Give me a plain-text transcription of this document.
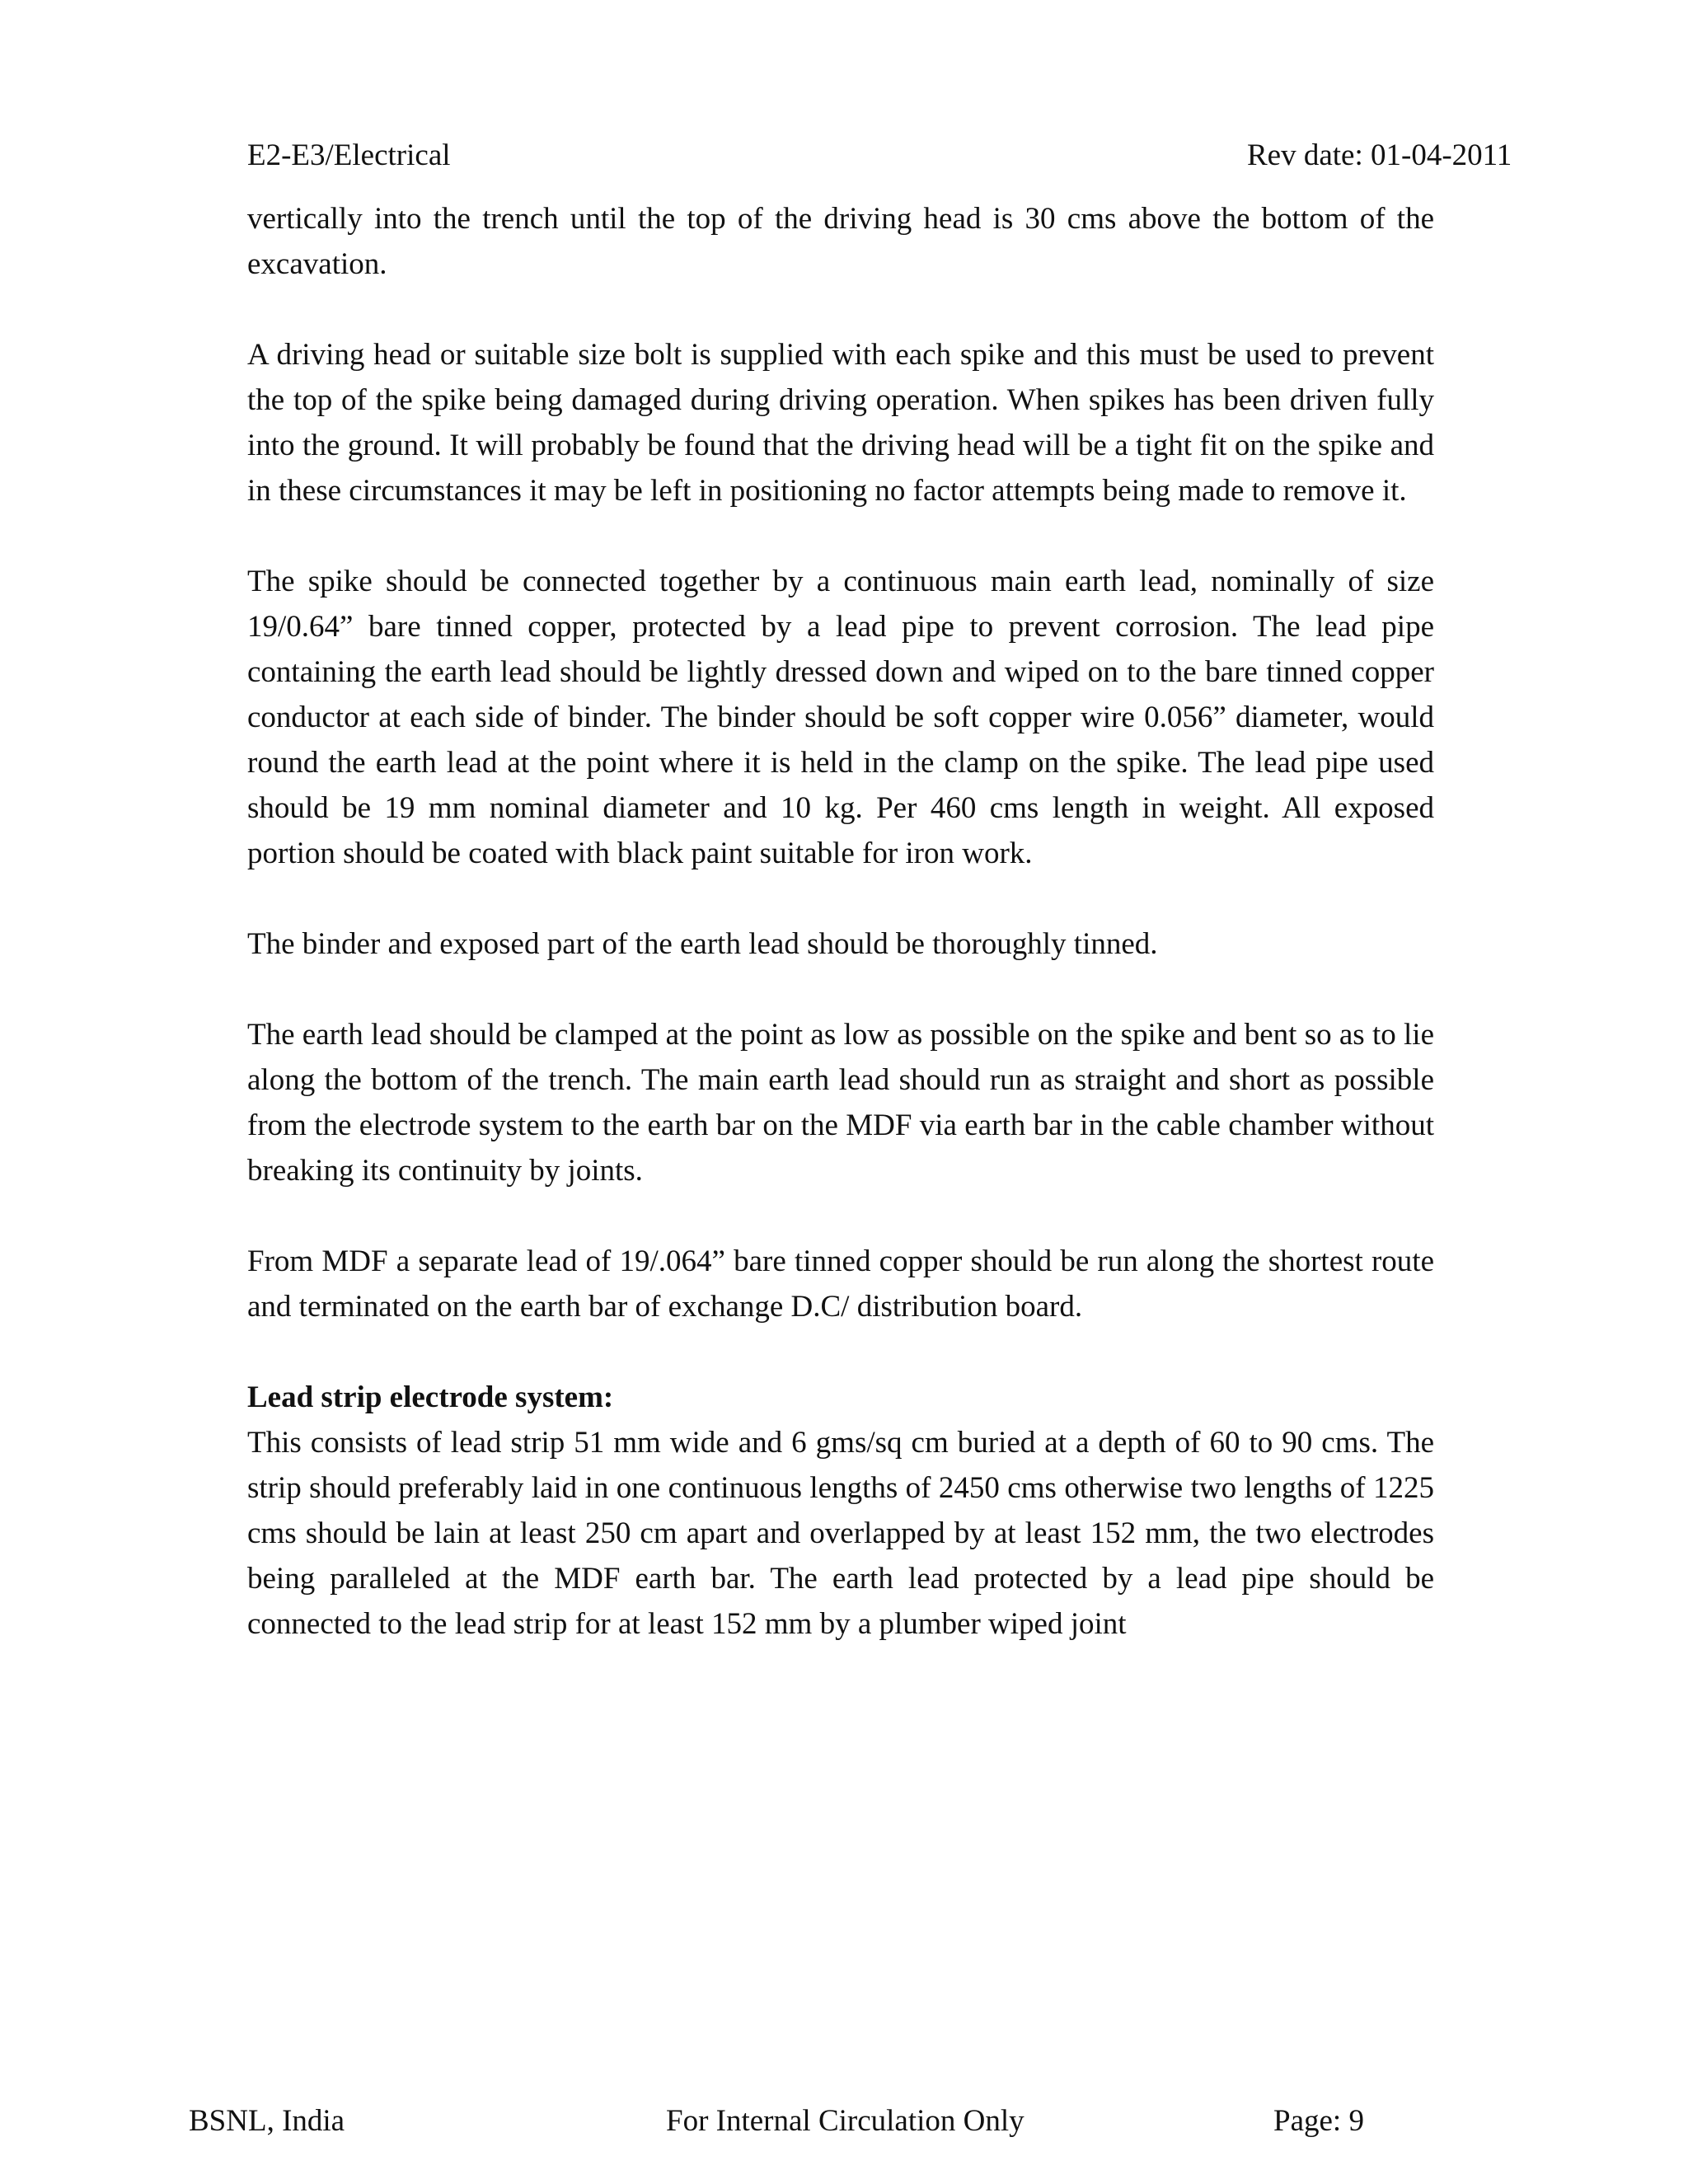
E2-E3/Electrical	Rev date: 01-04-2011

vertically into the trench until the top of the driving head is 30 cms above the bottom of the excavation.

A driving head or suitable size bolt is supplied with each spike and this must be used to prevent the top of the spike being damaged during driving operation. When spikes has been driven fully into the ground. It will probably be found that the driving head will be a tight fit on the spike and in these circumstances it may be left in positioning no factor attempts being made to remove it.

The spike should be connected together by a continuous main earth lead, nominally of size 19/0.64” bare tinned copper, protected by a lead pipe to prevent corrosion. The lead pipe containing the earth lead should be lightly dressed down and wiped on to the bare tinned copper conductor at each side of binder. The binder should be soft copper wire 0.056” diameter, would round the earth lead at the point where it is held in the clamp on the spike. The lead pipe used should be 19 mm nominal diameter and 10 kg. Per 460 cms length in weight. All exposed portion should be coated with black paint suitable for iron work.

The binder and exposed part of the earth lead should be thoroughly tinned.

The earth lead should be clamped at the point as low as possible on the spike and bent so as to lie along the bottom of the trench. The main earth lead should run as straight and short as possible from the electrode system to the earth bar on the MDF via earth bar in the cable chamber without breaking its continuity by joints.

From MDF a separate lead of 19/.064” bare tinned copper should be run along the shortest route and terminated on the earth bar of exchange D.C/ distribution board.

Lead strip electrode system:

This consists of lead strip 51 mm wide and 6 gms/sq cm buried at a depth of 60 to 90 cms. The strip should preferably laid in one continuous lengths of 2450 cms otherwise two lengths of 1225 cms should be lain at least 250 cm apart and overlapped by at least 152 mm, the two electrodes being paralleled at the MDF earth bar. The earth lead protected by a lead pipe should be connected to the lead strip for at least 152 mm by a plumber wiped joint

BSNL, India	For Internal Circulation Only	Page: 9
